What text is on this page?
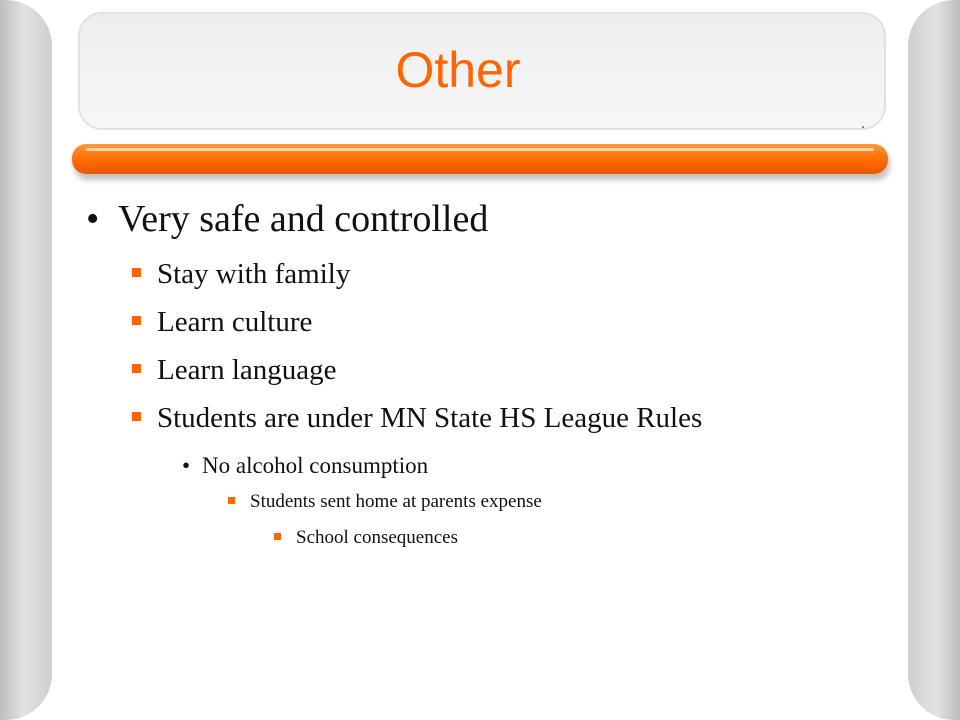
Other
•Very safe and controlled
Stay with family
Learn culture
Learn language
Students are under MN State HS League Rules
•No alcohol consumption
Students sent home at parents expense
School consequences
